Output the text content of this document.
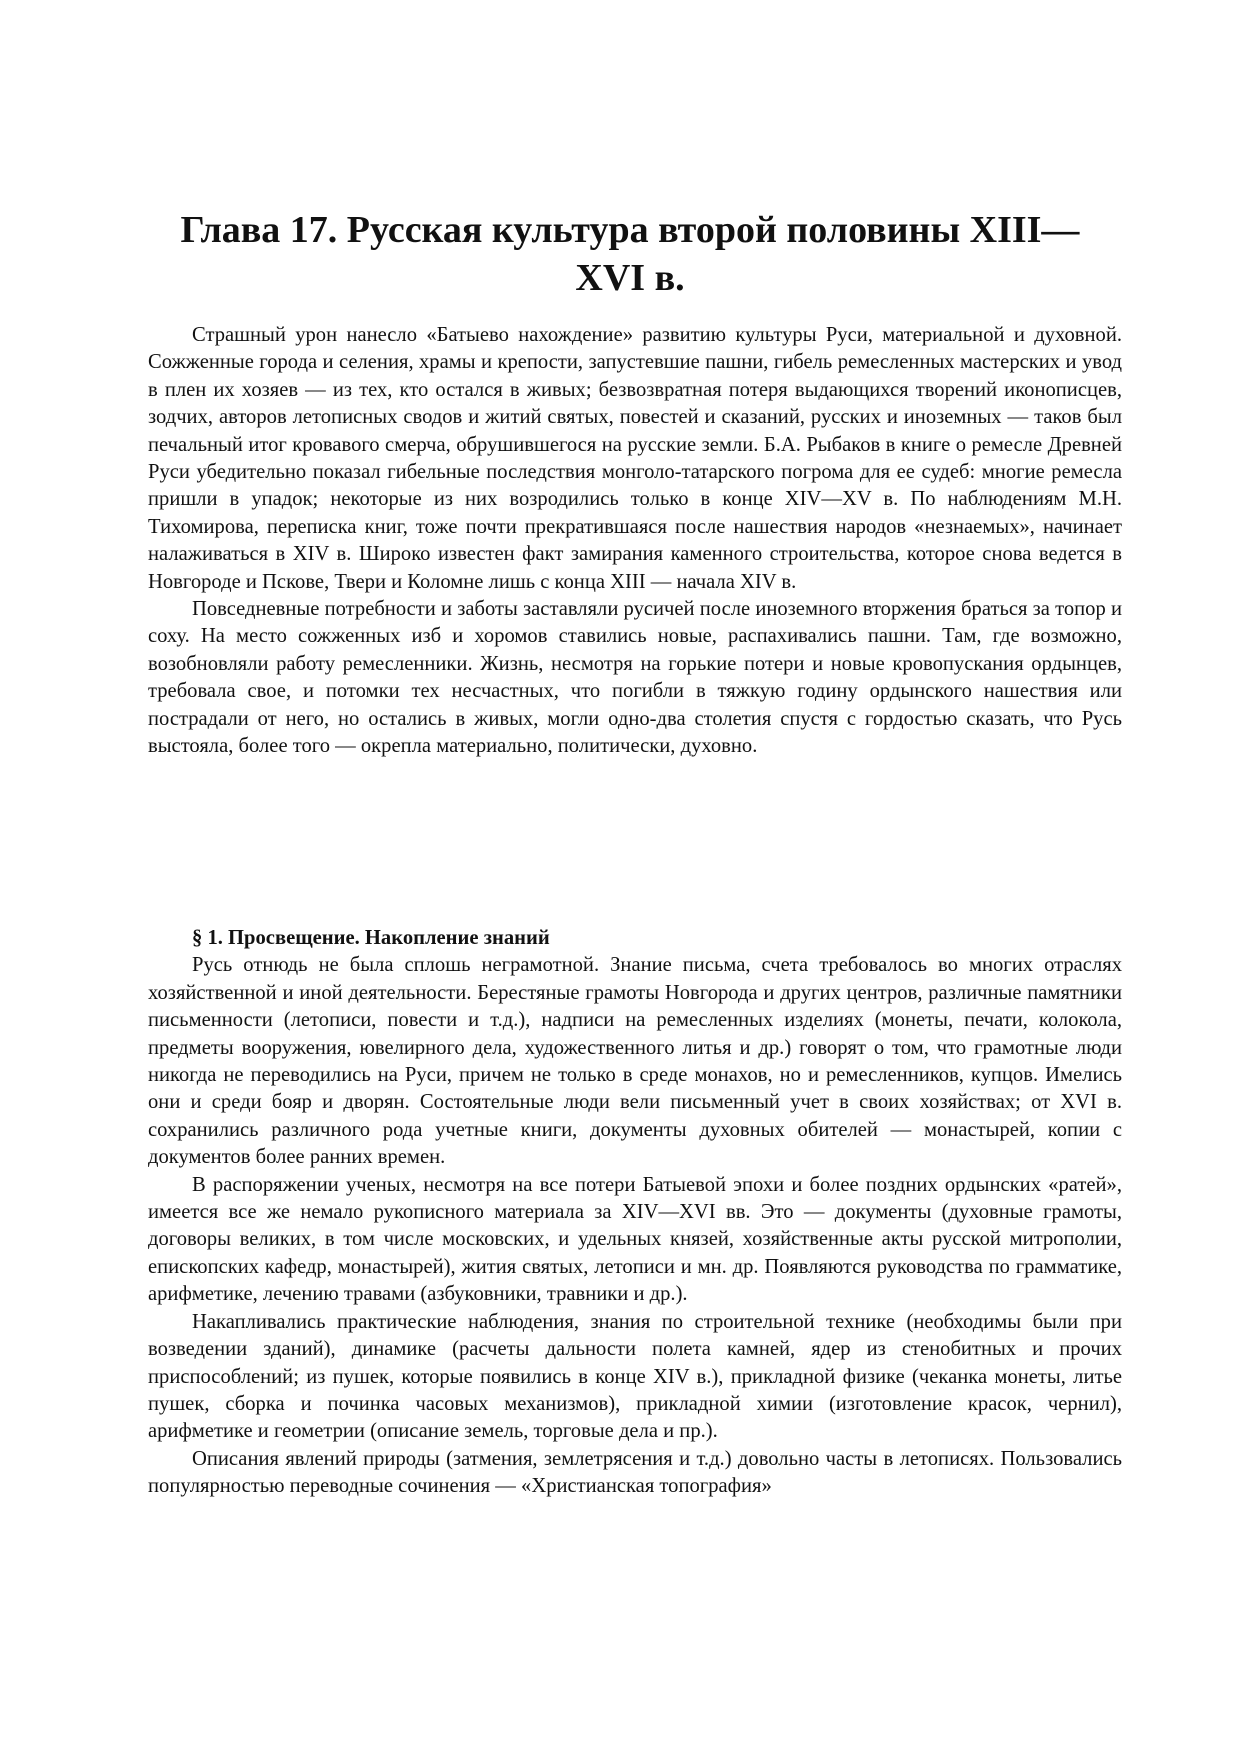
Глава 17. Русская культура второй половины XIII—
XVI в.

Страшный урон нанесло «Батыево нахождение» развитию культуры Руси, материальной и духовной. Сожженные города и селения, храмы и крепости, запустевшие пашни, гибель ремесленных мастерских и увод в плен их хозяев — из тех, кто остался в живых; безвозвратная потеря выдающихся творений иконописцев, зодчих, авторов летописных сводов и житий святых, повестей и сказаний, русских и иноземных — таков был печальный итог кровавого смерча, обрушившегося на русские земли. Б.А. Рыбаков в книге о ремесле Древней Руси убедительно показал гибельные последствия монголо-татарского погрома для ее судеб: многие ремесла пришли в упадок; некоторые из них возродились только в конце XIV—XV в. По наблюдениям М.Н. Тихомирова, переписка книг, тоже почти прекратившаяся после нашествия народов «незнаемых», начинает налаживаться в XIV в. Широко известен факт замирания каменного строительства, которое снова ведется в Новгороде и Пскове, Твери и Коломне лишь с конца XIII — начала XIV в.

Повседневные потребности и заботы заставляли русичей после иноземного вторжения браться за топор и соху. На место сожженных изб и хоромов ставились новые, распахивались пашни. Там, где возможно, возобновляли работу ремесленники. Жизнь, несмотря на горькие потери и новые кровопускания ордынцев, требовала свое, и потомки тех несчастных, что погибли в тяжкую годину ордынского нашествия или пострадали от него, но остались в живых, могли одно-два столетия спустя с гордостью сказать, что Русь выстояла, более того — окрепла материально, политически, духовно.

§ 1. Просвещение. Накопление знаний

Русь отнюдь не была сплошь неграмотной. Знание письма, счета требовалось во многих отраслях хозяйственной и иной деятельности. Берестяные грамоты Новгорода и других центров, различные памятники письменности (летописи, повести и т.д.), надписи на ремесленных изделиях (монеты, печати, колокола, предметы вооружения, ювелирного дела, художественного литья и др.) говорят о том, что грамотные люди никогда не переводились на Руси, причем не только в среде монахов, но и ремесленников, купцов. Имелись они и среди бояр и дворян. Состоятельные люди вели письменный учет в своих хозяйствах; от XVI в. сохранились различного рода учетные книги, документы духовных обителей — монастырей, копии с документов более ранних времен.

В распоряжении ученых, несмотря на все потери Батыевой эпохи и более поздних ордынских «ратей», имеется все же немало рукописного материала за XIV—XVI вв. Это — документы (духовные грамоты, договоры великих, в том числе московских, и удельных князей, хозяйственные акты русской митрополии, епископских кафедр, монастырей), жития святых, летописи и мн. др. Появляются руководства по грамматике, арифметике, лечению травами (азбуковники, травники и др.).

Накапливались практические наблюдения, знания по строительной технике (необходимы были при возведении зданий), динамике (расчеты дальности полета камней, ядер из стенобитных и прочих приспособлений; из пушек, которые появились в конце XIV в.), прикладной физике (чеканка монеты, литье пушек, сборка и починка часовых механизмов), прикладной химии (изготовление красок, чернил), арифметике и геометрии (описание земель, торговые дела и пр.).

Описания явлений природы (затмения, землетрясения и т.д.) довольно часты в летописях. Пользовались популярностью переводные сочинения — «Христианская топография»
